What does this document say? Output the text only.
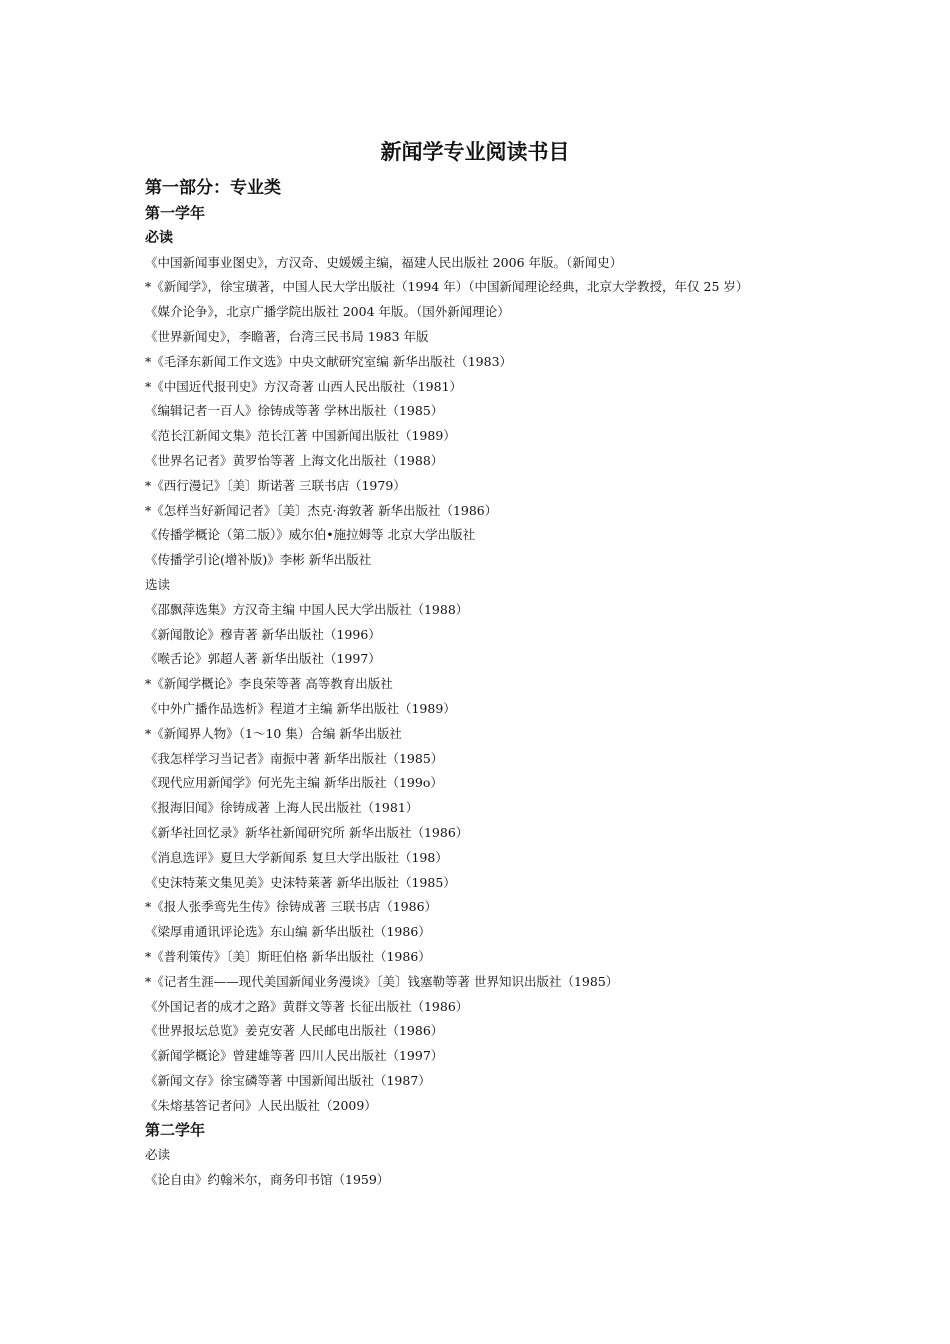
新闻学专业阅读书目
第一部分：专业类
第一学年
必读
《中国新闻事业图史》，方汉奇、史媛媛主编，福建人民出版社 2006 年版。（新闻史）
*《新闻学》，徐宝璜著，中国人民大学出版社（1994 年）（中国新闻理论经典，北京大学教授，年仅 25 岁）
《媒介论争》，北京广播学院出版社 2004 年版。（国外新闻理论）
《世界新闻史》，李瞻著，台湾三民书局 1983 年版
*《毛泽东新闻工作文选》中央文献研究室编 新华出版社（1983）
*《中国近代报刊史》方汉奇著 山西人民出版社（1981）
《编辑记者一百人》徐铸成等著 学林出版社（1985）
《范长江新闻文集》范长江著 中国新闻出版社（1989）
《世界名记者》黄罗怡等著 上海文化出版社（1988）
*《西行漫记》〔美〕斯诺著 三联书店（1979）
*《怎样当好新闻记者》〔美〕杰克·海敦著 新华出版社（1986）
《传播学概论（第二版）》威尔伯•施拉姆等 北京大学出版社
《传播学引论(增补版)》李彬 新华出版社
选读
《邵飘萍选集》方汉奇主编 中国人民大学出版社（1988）
《新闻散论》穆青著 新华出版社（1996）
《喉舌论》郭超人著 新华出版社（1997）
*《新闻学概论》李良荣等著 高等教育出版社
《中外广播作品选析》程道才主编 新华出版社（1989）
*《新闻界人物》（1～10 集）合编 新华出版社
《我怎样学习当记者》南振中著 新华出版社（1985）
《现代应用新闻学》何光先主编 新华出版社（199o）
《报海旧闻》徐铸成著 上海人民出版社（1981）
《新华社回忆录》新华社新闻研究所 新华出版社（1986）
《消息选评》夏旦大学新闻系 复旦大学出版社（198）
《史沫特莱文集见美》史沫特莱著 新华出版社（1985）
*《报人张季鸾先生传》徐铸成著 三联书店（1986）
《梁厚甫通讯评论选》东山编 新华出版社（1986）
*《普利策传》〔美〕斯旺伯格 新华出版社（1986）
*《记者生涯——现代美国新闻业务漫谈》〔美〕钱塞勒等著 世界知识出版社（1985）
《外国记者的成才之路》黄群文等著 长征出版社（1986）
《世界报坛总览》姜克安著 人民邮电出版社（1986）
《新闻学概论》曾建雄等著 四川人民出版社（1997）
《新闻文存》徐宝磷等著 中国新闻出版社（1987）
《朱熔基答记者问》人民出版社（2009）
第二学年
必读
《论自由》约翰米尔，商务印书馆（1959）
